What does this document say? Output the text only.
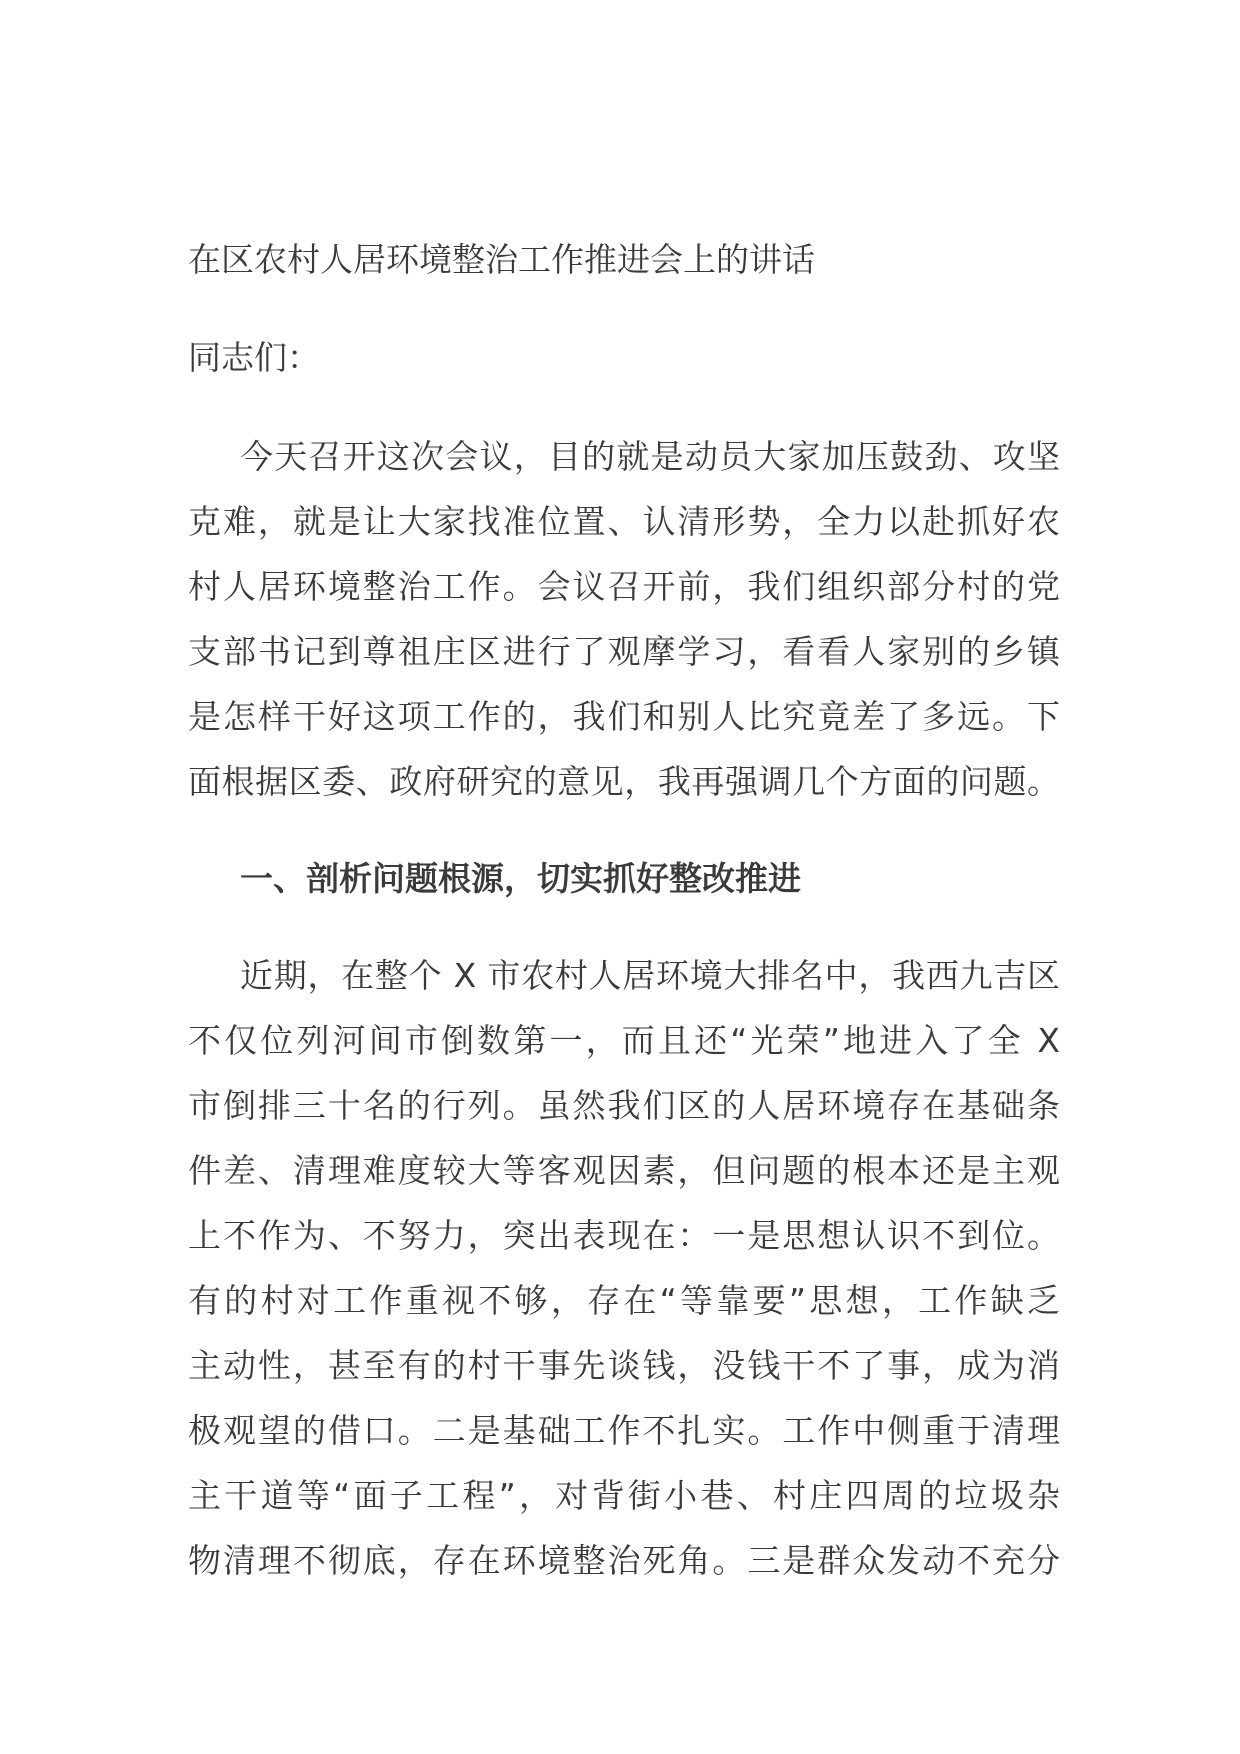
在区农村人居环境整治工作推进会上的讲话
同志们：
今天召开这次会议，目的就是动员大家加压鼓劲、攻坚
克难，就是让大家找准位置、认清形势，全力以赴抓好农
村人居环境整治工作。会议召开前，我们组织部分村的党
支部书记到尊祖庄区进行了观摩学习，看看人家别的乡镇
是怎样干好这项工作的，我们和别人比究竟差了多远。下
面根据区委、政府研究的意见，我再强调几个方面的问题。
一、剖析问题根源，切实抓好整改推进
近期，在整个 X 市农村人居环境大排名中，我西九吉区
不仅位列河间市倒数第一，而且还“光荣”地进入了全 X
市倒排三十名的行列。虽然我们区的人居环境存在基础条
件差、清理难度较大等客观因素，但问题的根本还是主观
上不作为、不努力，突出表现在：一是思想认识不到位。
有的村对工作重视不够，存在“等靠要”思想，工作缺乏
主动性，甚至有的村干事先谈钱，没钱干不了事，成为消
极观望的借口。二是基础工作不扎实。工作中侧重于清理
主干道等“面子工程”，对背街小巷、村庄四周的垃圾杂
物清理不彻底，存在环境整治死角。三是群众发动不充分
